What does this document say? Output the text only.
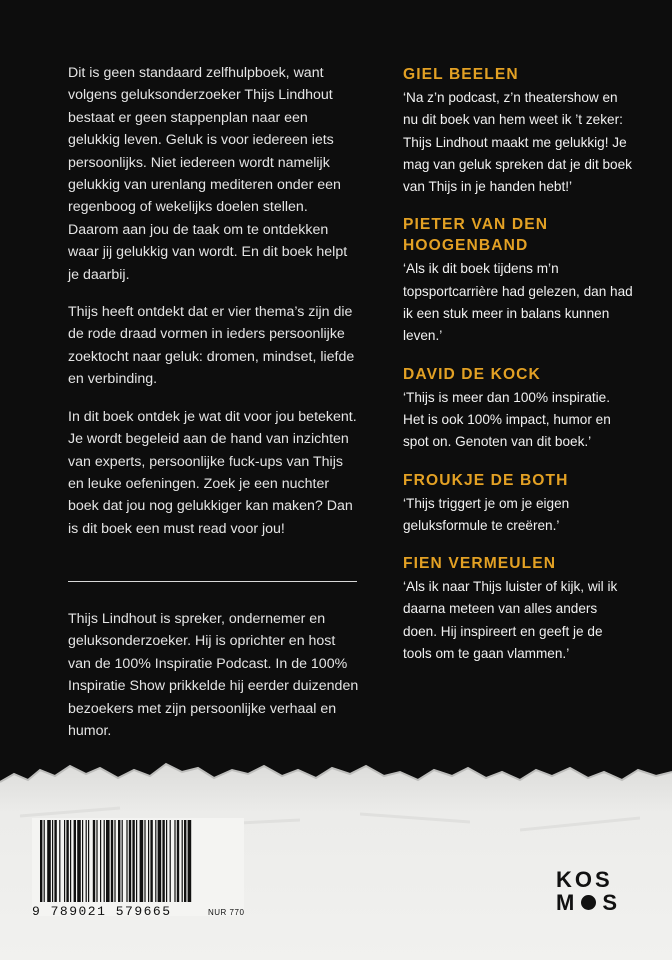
Dit is geen standaard zelfhulpboek, want volgens geluksonderzoeker Thijs Lindhout bestaat er geen stappenplan naar een gelukkig leven. Geluk is voor iedereen iets persoonlijks. Niet iedereen wordt namelijk gelukkig van urenlang mediteren onder een regenboog of wekelijks doelen stellen. Daarom aan jou de taak om te ontdekken waar jij gelukkig van wordt. En dit boek helpt je daarbij.

Thijs heeft ontdekt dat er vier thema’s zijn die de rode draad vormen in ieders persoonlijke zoektocht naar geluk: dromen, mindset, liefde en verbinding.

In dit boek ontdek je wat dit voor jou betekent. Je wordt begeleid aan de hand van inzichten van experts, persoonlijke fuck-ups van Thijs en leuke oefeningen. Zoek je een nuchter boek dat jou nog gelukkiger kan maken? Dan is dit boek een must read voor jou!

Thijs Lindhout is spreker, ondernemer en geluksonderzoeker. Hij is oprichter en host van de 100% Inspiratie Podcast. In de 100% Inspiratie Show prikkelde hij eerder duizenden bezoekers met zijn persoonlijke verhaal en humor.

GIEL BEELEN

‘Na z’n podcast, z’n theatershow en nu dit boek van hem weet ik ’t zeker: Thijs Lindhout maakt me gelukkig! Je mag van geluk spreken dat je dit boek van Thijs in je handen hebt!’

PIETER VAN DEN HOOGENBAND

‘Als ik dit boek tijdens m’n topsportcarrière had gelezen, dan had ik een stuk meer in balans kunnen leven.’

DAVID DE KOCK

‘Thijs is meer dan 100% inspiratie. Het is ook 100% impact, humor en spot on. Genoten van dit boek.’

FROUKJE DE BOTH

‘Thijs triggert je om je eigen geluksformule te creëren.’

FIEN VERMEULEN

‘Als ik naar Thijs luister of kijk, wil ik daarna meteen van alles anders doen. Hij inspireert en geeft je de tools om te gaan vlammen.’

9 789021 579665	NUR 770
KOS
M S
